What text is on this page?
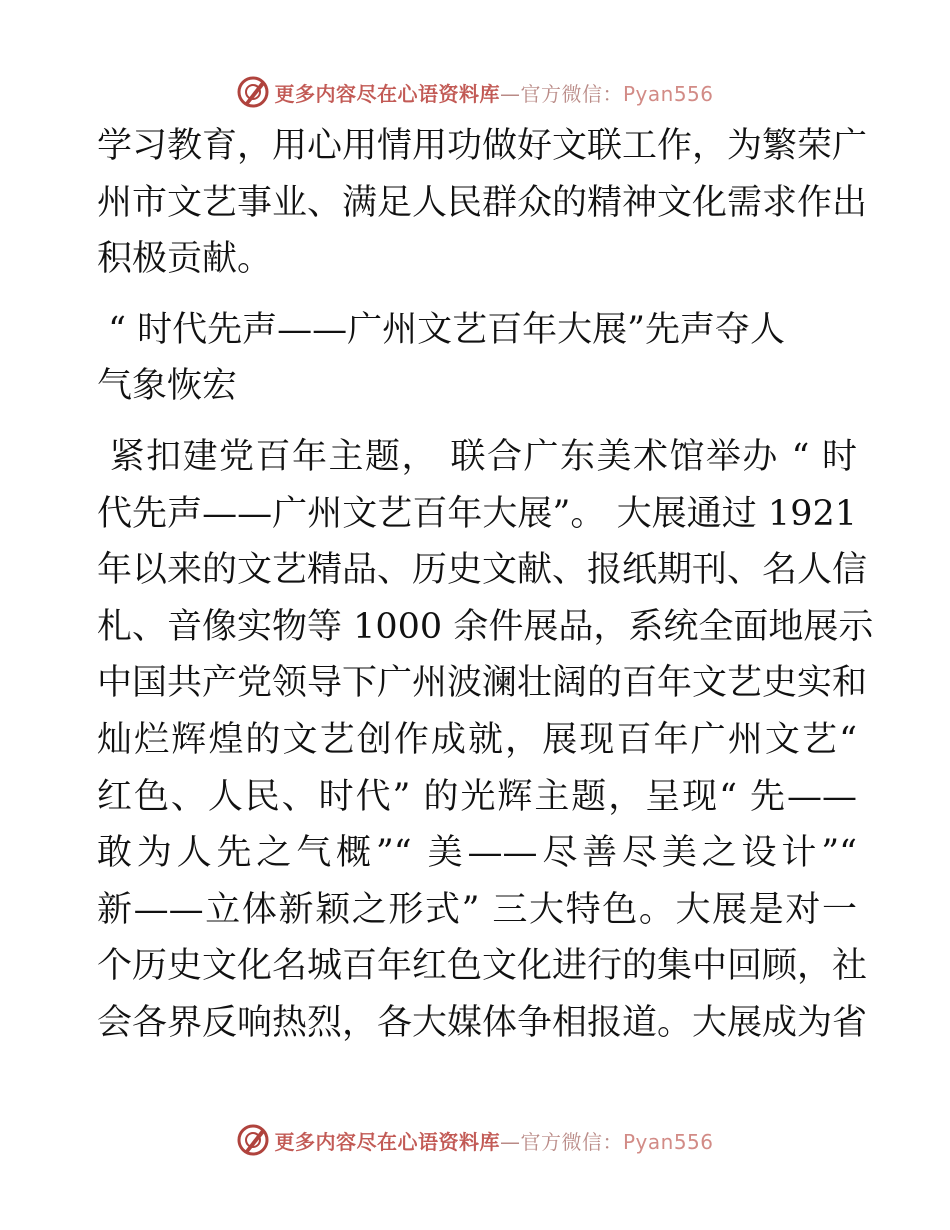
更多内容尽在心语资料库—官方微信：Pyan556
学习教育，用心用情用功做好文联工作，为繁荣广
州市文艺事业、满足人民群众的精神文化需求作出
积极贡献。
“ 时代先声——广州文艺百年大展”先声夺人
气象恢宏
紧扣建党百年主题， 联合广东美术馆举办 “ 时
代先声——广州文艺百年大展”。 大展通过 1921
年以来的文艺精品、历史文献、报纸期刊、名人信
札、音像实物等 1000 余件展品，系统全面地展示
中国共产党领导下广州波澜壮阔的百年文艺史实和
灿烂辉煌的文艺创作成就，展现百年广州文艺“
红色、人民、时代” 的光辉主题，呈现“ 先——
敢为人先之气概”“ 美——尽善尽美之设计”“
新——立体新颖之形式” 三大特色。大展是对一
个历史文化名城百年红色文化进行的集中回顾，社
会各界反响热烈，各大媒体争相报道。大展成为省
更多内容尽在心语资料库—官方微信：Pyan556
